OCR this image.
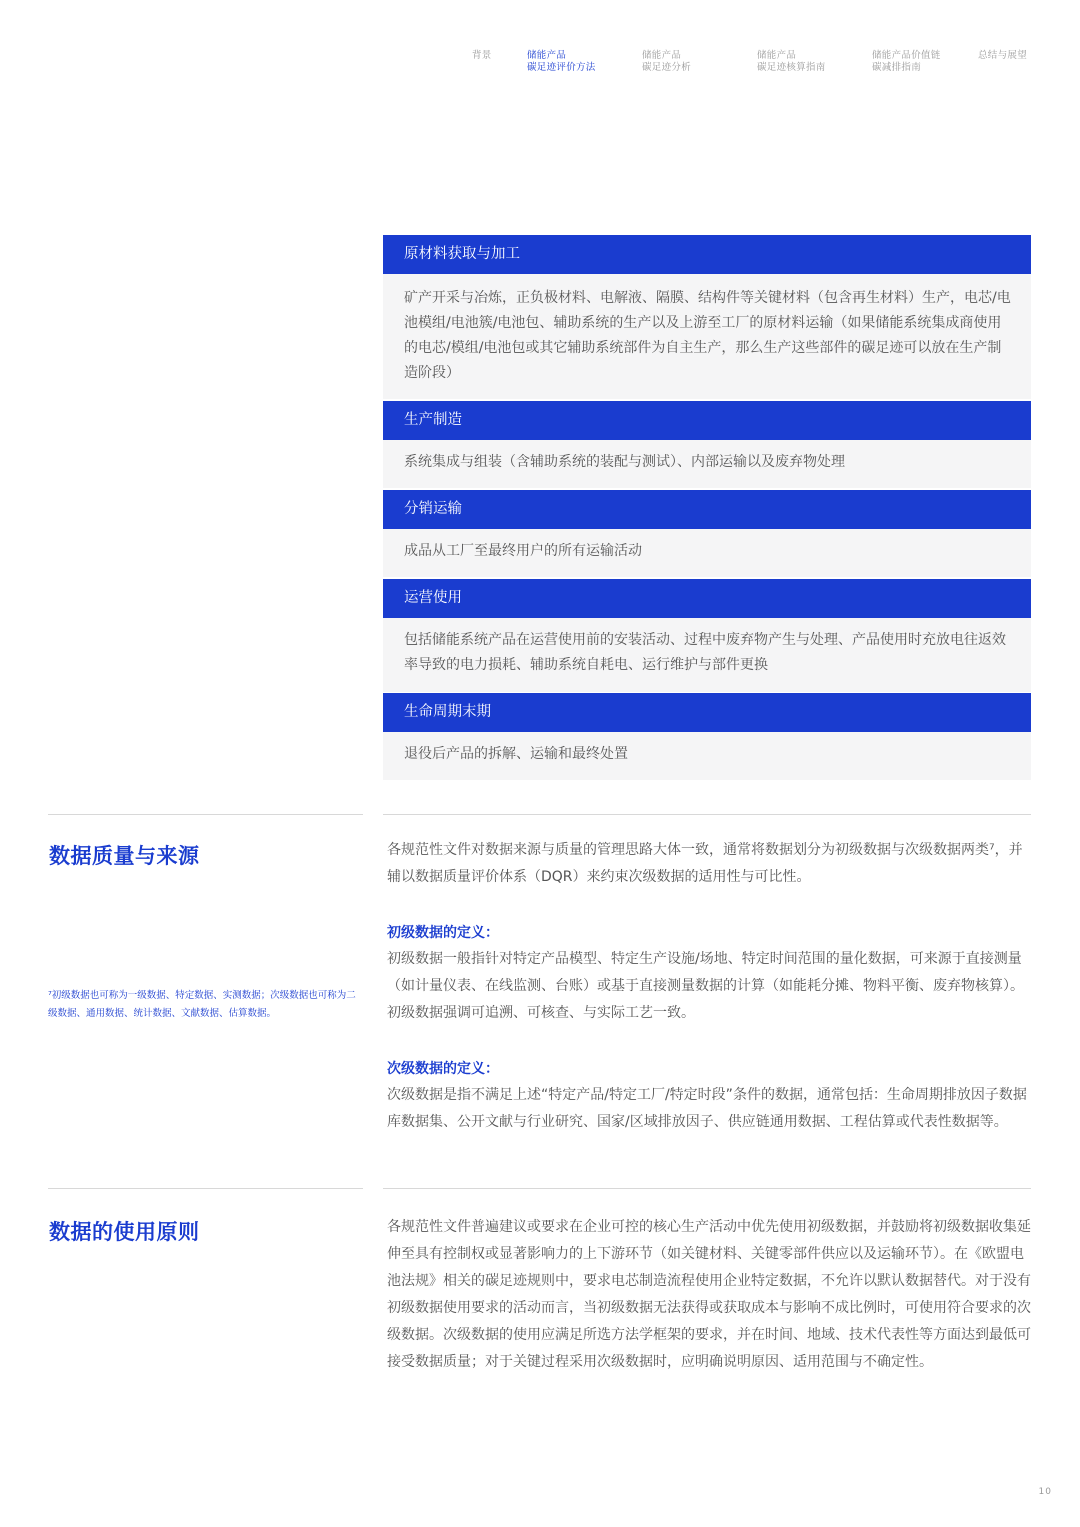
背景	储能产品
碳足迹评价方法
储能产品
碳足迹分析
储能产品
碳足迹核算指南
储能产品价值链
碳减排指南
总结与展望
原材料获取与加工
矿产开采与冶炼，正负极材料、电解液、隔膜、结构件等关键材料（包含再生材料）生产，电芯/电池模组/电池簇/电池包、辅助系统的生产以及上游至工厂的原材料运输（如果储能系统集成商使用的电芯/模组/电池包或其它辅助系统部件为自主生产，那么生产这些部件的碳足迹可以放在生产制造阶段）
生产制造
系统集成与组装（含辅助系统的装配与测试）、内部运输以及废弃物处理
分销运输
成品从工厂至最终用户的所有运输活动
运营使用
包括储能系统产品在运营使用前的安装活动、过程中废弃物产生与处理、产品使用时充放电往返效率导致的电力损耗、辅助系统自耗电、运行维护与部件更换
生命周期末期
退役后产品的拆解、运输和最终处置
数据质量与来源	各规范性文件对数据来源与质量的管理思路大体一致，通常将数据划分为初级数据与次级数据两类⁷，并辅以数据质量评价体系（DQR）来约束次级数据的适用性与可比性。
初级数据的定义：
初级数据一般指针对特定产品模型、特定生产设施/场地、特定时间范围的量化数据，可来源于直接测量（如计量仪表、在线监测、台账）或基于直接测量数据的计算（如能耗分摊、物料平衡、废弃物核算）。初级数据强调可追溯、可核查、与实际工艺一致。
⁷初级数据也可称为一级数据、特定数据、实测数据；次级数据也可称为二级数据、通用数据、统计数据、文献数据、估算数据。
次级数据的定义：
次级数据是指不满足上述“特定产品/特定工厂/特定时段”条件的数据，通常包括：生命周期排放因子数据库数据集、公开文献与行业研究、国家/区域排放因子、供应链通用数据、工程估算或代表性数据等。
数据的使用原则	各规范性文件普遍建议或要求在企业可控的核心生产活动中优先使用初级数据，并鼓励将初级数据收集延伸至具有控制权或显著影响力的上下游环节（如关键材料、关键零部件供应以及运输环节）。在《欧盟电池法规》相关的碳足迹规则中，要求电芯制造流程使用企业特定数据，不允许以默认数据替代。对于没有初级数据使用要求的活动而言，当初级数据无法获得或获取成本与影响不成比例时，可使用符合要求的次级数据。次级数据的使用应满足所选方法学框架的要求，并在时间、地域、技术代表性等方面达到最低可接受数据质量；对于关键过程采用次级数据时，应明确说明原因、适用范围与不确定性。
10
